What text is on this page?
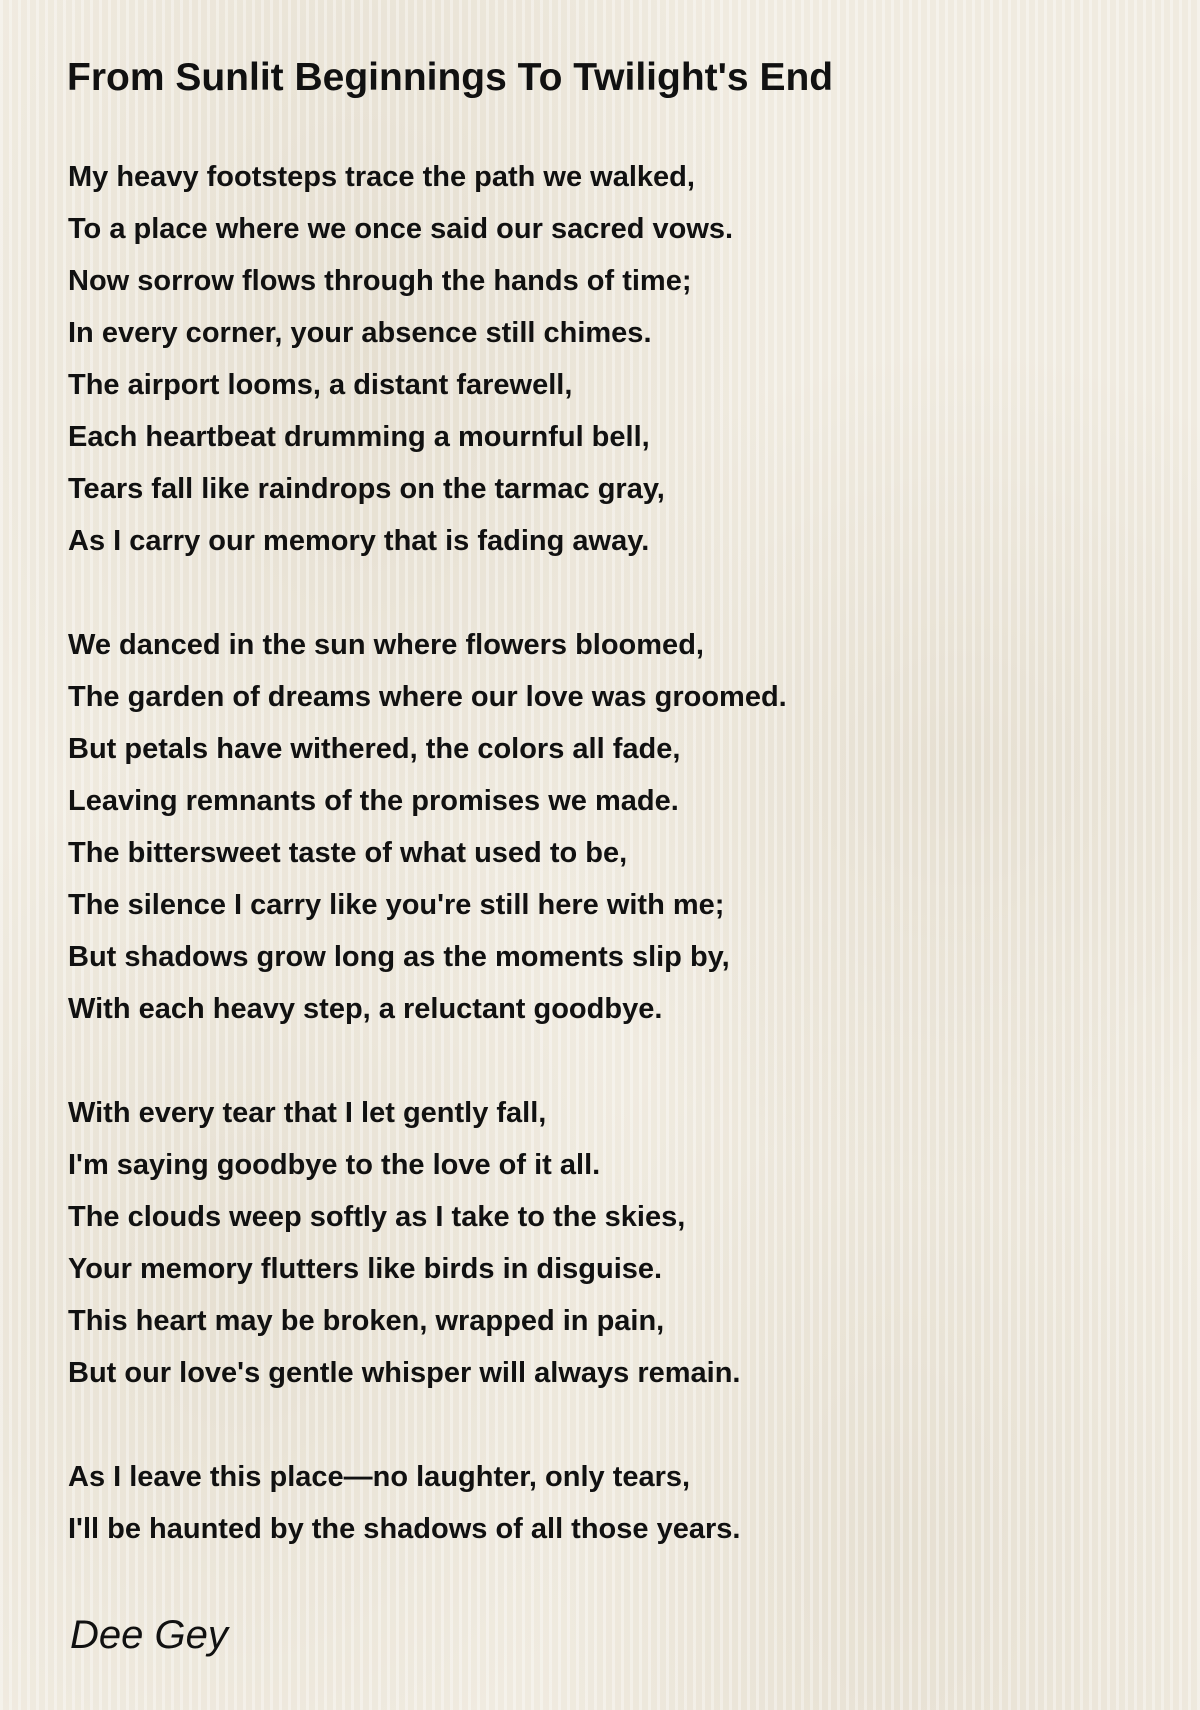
From Sunlit Beginnings To Twilight's End
My heavy footsteps trace the path we walked,
To a place where we once said our sacred vows.
Now sorrow flows through the hands of time;
In every corner, your absence still chimes.
The airport looms, a distant farewell,
Each heartbeat drumming a mournful bell,
Tears fall like raindrops on the tarmac gray,
As I carry our memory that is fading away.
We danced in the sun where flowers bloomed,
The garden of dreams where our love was groomed.
But petals have withered, the colors all fade,
Leaving remnants of the promises we made.
The bittersweet taste of what used to be,
The silence I carry like you're still here with me;
But shadows grow long as the moments slip by,
With each heavy step, a reluctant goodbye.
With every tear that I let gently fall,
I'm saying goodbye to the love of it all.
The clouds weep softly as I take to the skies,
Your memory flutters like birds in disguise.
This heart may be broken, wrapped in pain,
But our love's gentle whisper will always remain.
As I leave this place—no laughter, only tears,
I'll be haunted by the shadows of all those years.
Dee Gey
